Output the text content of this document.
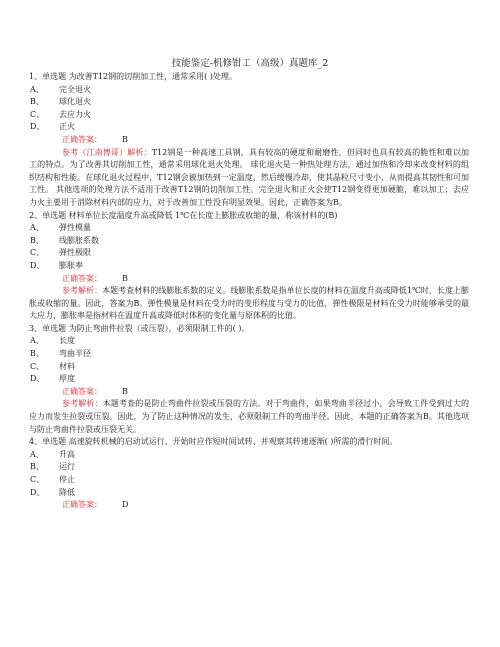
技能鉴定-机修钳工（高级）真题库_2
1、单选题 为改善T12钢的切削加工性，通常采用( )处理。
A、	完全退火
B、	球化退火
C、	去应力火
D、	正火
正确答案：	B

参考（江南博哥）解析：T12钢是一种高速工具钢，具有较高的硬度和耐磨性，但同时也具有较高的脆性和难以加工的特点。为了改善其切削加工性，通常采用球化退火处理。 球化退火是一种热处理方法，通过加热和冷却来改变材料的组织结构和性能。在球化退火过程中，T12钢会被加热到一定温度，然后缓慢冷却，使其晶粒尺寸变小，从而提高其韧性和可加工性。 其他选项的处理方法不适用于改善T12钢的切削加工性。完全退火和正火会使T12钢变得更加硬脆，难以加工；去应力火主要用于消除材料内部的应力，对于改善加工性没有明显效果。因此，正确答案为B。

2、单选题 材料单位长度温度升高或降低 1℃在长度上膨胀或收缩的量，称该材料的(B)
A、	弹性模量
B、	线膨胀系数
C、	弹性极限
D、	膨胀率
正确答案：	B

参考解析：本题考查材料的线膨胀系数的定义。线膨胀系数是指单位长度的材料在温度升高或降低1℃时，长度上膨胀或收缩的量。因此，答案为B。弹性模量是材料在受力时的变形程度与受力的比值，弹性极限是材料在受力时能够承受的最大应力，膨胀率是指材料在温度升高或降低时体积的变化量与原体积的比值。

3、单选题 为防止弯曲件拉裂（或压裂），必须限制工件的( )。
A、	长度
B、	弯曲半径
C、	材料
D、	厚度
正确答案：	B

参考解析：本题考查的是防止弯曲件拉裂或压裂的方法。对于弯曲件，如果弯曲半径过小，会导致工件受到过大的应力而发生拉裂或压裂。因此，为了防止这种情况的发生，必须限制工件的弯曲半径。因此，本题的正确答案为B。其他选项与防止弯曲件拉裂或压裂无关。

4、单选题 高速旋转机械的启动试运行、开始时应作短时间试转、并观察其转速逐渐( )所需的滑行时间。
A、	升高
B、	运行
C、	停止
D、	降低
正确答案：	D
